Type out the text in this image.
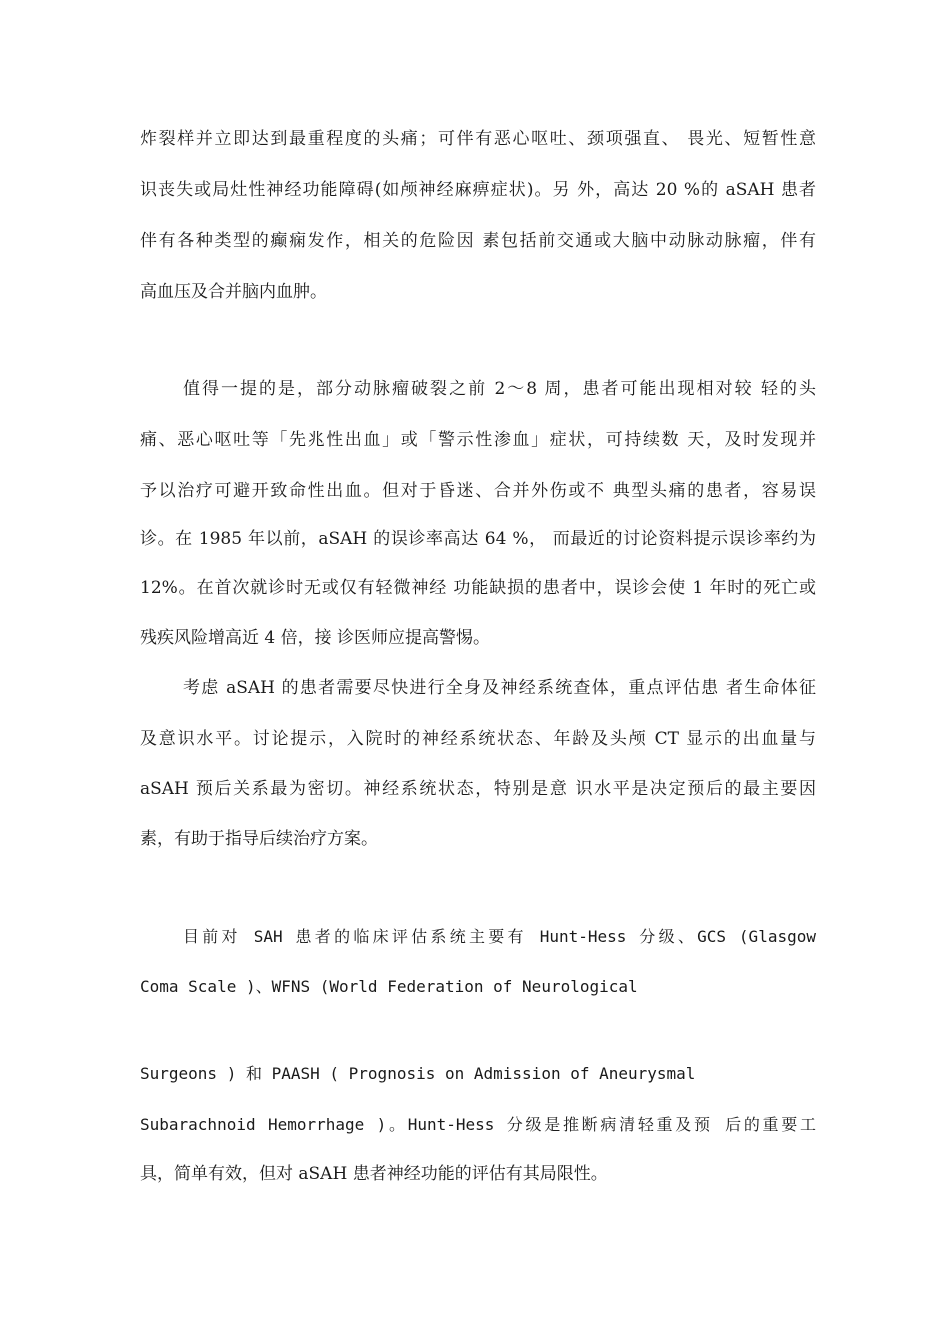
炸裂样并立即达到最重程度的头痛；可伴有恶心呕吐、颈项强直、 畏光、短暂性意
识丧失或局灶性神经功能障碍(如颅神经麻痹症状)。另 外，高达 20 %的 aSAH 患者
伴有各种类型的癫痫发作，相关的危险因 素包括前交通或大脑中动脉动脉瘤，伴有
高血压及合并脑内血肿。
值得一提的是，部分动脉瘤破裂之前 2～8 周，患者可能出现相对较 轻的头
痛、恶心呕吐等「先兆性出血」或「警示性渗血」症状，可持续数 天，及时发现并
予以治疗可避开致命性出血。但对于昏迷、合并外伤或不 典型头痛的患者，容易误
诊。在 1985 年以前，aSAH 的误诊率高达 64 %， 而最近的讨论资料提示误诊率约为
12%。在首次就诊时无或仅有轻微神经 功能缺损的患者中，误诊会使 1 年时的死亡或
残疾风险增高近 4 倍，接 诊医师应提高警惕。
考虑 aSAH 的患者需要尽快进行全身及神经系统查体，重点评估患 者生命体征
及意识水平。讨论提示，入院时的神经系统状态、年龄及头颅 CT 显示的出血量与
aSAH 预后关系最为密切。神经系统状态，特别是意 识水平是决定预后的最主要因
素，有助于指导后续治疗方案。
目前对 SAH 患者的临床评估系统主要有 Hunt-Hess 分级、GCS (Glasgow
Coma Scale )、WFNS (World Federation of Neurological
Surgeons ) 和 PAASH ( Prognosis on Admission of Aneurysmal
Subarachnoid Hemorrhage )。Hunt-Hess 分级是推断病清轻重及预 后的重要工
具，简单有效，但对 aSAH 患者神经功能的评估有其局限性。
